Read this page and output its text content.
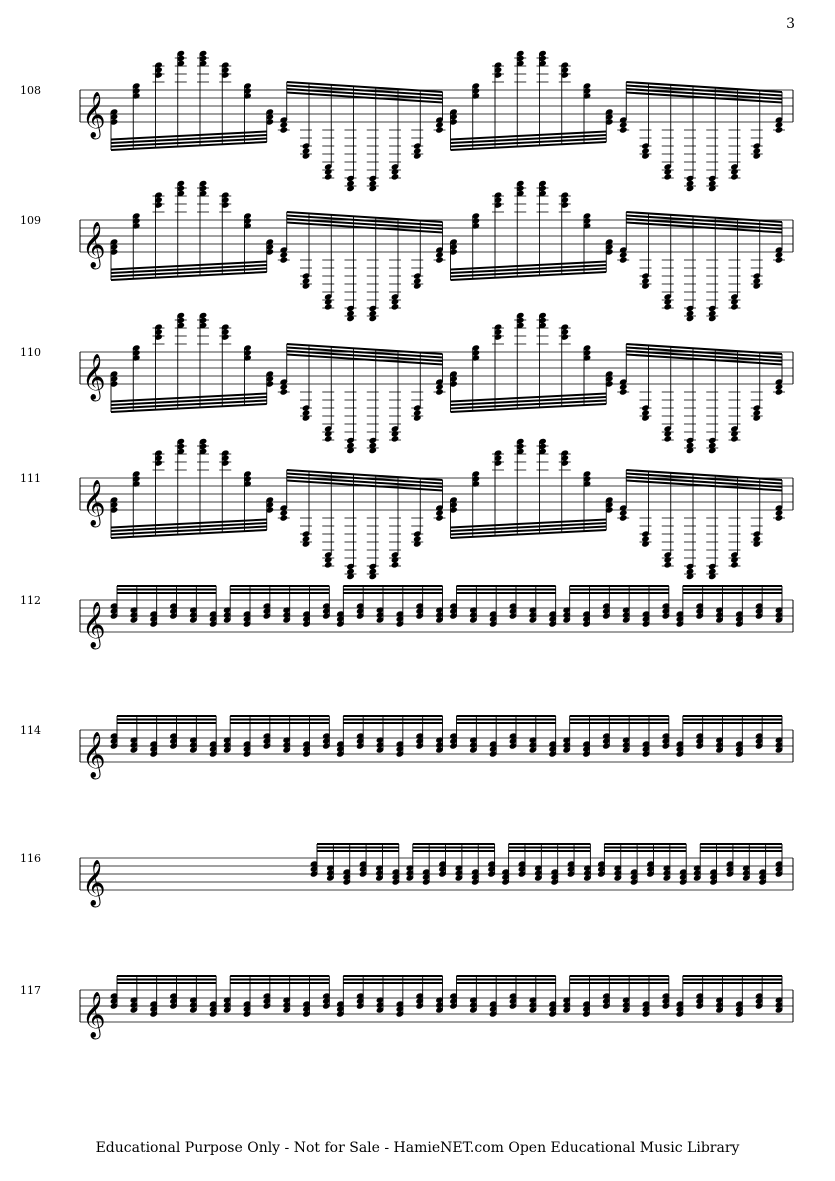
3
108
𝄞
109
𝄞
110
𝄞
111
𝄞
112
𝄞
114
𝄞
116
𝄞
117
𝄞
Educational Purpose Only - Not for Sale - HamieNET.com Open Educational Music Library
